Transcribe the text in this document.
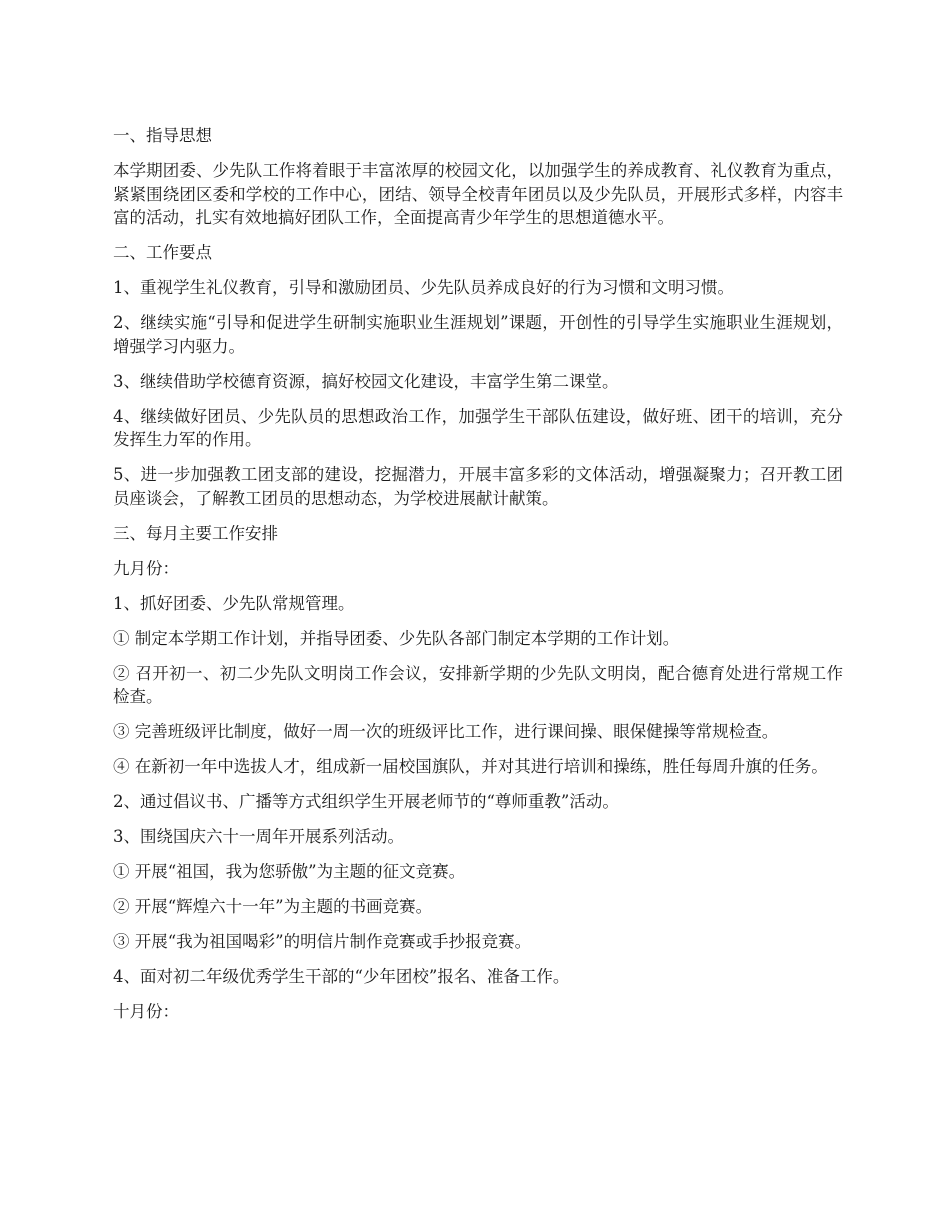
一、指导思想

本学期团委、少先队工作将着眼于丰富浓厚的校园文化，以加强学生的养成教育、礼仪教育为重点，紧紧围绕团区委和学校的工作中心，团结、领导全校青年团员以及少先队员，开展形式多样，内容丰富的活动，扎实有效地搞好团队工作，全面提高青少年学生的思想道德水平。

二、工作要点

1、重视学生礼仪教育，引导和激励团员、少先队员养成良好的行为习惯和文明习惯。

2、继续实施“引导和促进学生研制实施职业生涯规划”课题，开创性的引导学生实施职业生涯规划，增强学习内驱力。

3、继续借助学校德育资源，搞好校园文化建设，丰富学生第二课堂。

4、继续做好团员、少先队员的思想政治工作，加强学生干部队伍建设，做好班、团干的培训，充分发挥生力军的作用。

5、进一步加强教工团支部的建设，挖掘潜力，开展丰富多彩的文体活动，增强凝聚力；召开教工团员座谈会，了解教工团员的思想动态，为学校进展献计献策。

三、每月主要工作安排

九月份：

1、抓好团委、少先队常规管理。

① 制定本学期工作计划，并指导团委、少先队各部门制定本学期的工作计划。

② 召开初一、初二少先队文明岗工作会议，安排新学期的少先队文明岗，配合德育处进行常规工作检查。

③ 完善班级评比制度，做好一周一次的班级评比工作，进行课间操、眼保健操等常规检查。

④ 在新初一年中选拔人才，组成新一届校国旗队，并对其进行培训和操练，胜任每周升旗的任务。

2、通过倡议书、广播等方式组织学生开展老师节的“尊师重教”活动。

3、围绕国庆六十一周年开展系列活动。

① 开展“祖国，我为您骄傲”为主题的征文竞赛。

② 开展“辉煌六十一年”为主题的书画竞赛。

③ 开展“我为祖国喝彩”的明信片制作竞赛或手抄报竞赛。

4、面对初二年级优秀学生干部的“少年团校”报名、准备工作。

十月份：
